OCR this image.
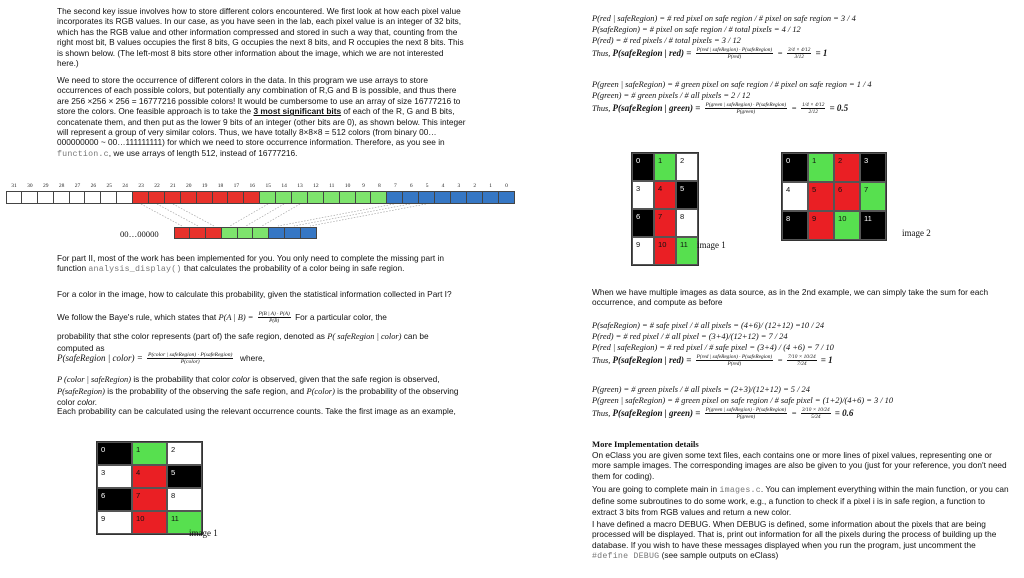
The second key issue involves how to store different colors encountered. We first look at how each pixel value incorporates its RGB values. In our case, as you have seen in the lab, each pixel value is an integer of 32 bits, which has the RGB value and other information compressed and stored in such a way that, counting from the right most bit, B values occupies the first 8 bits, G occupies the next 8 bits, and R occupies the next 8 bits. This is shown below. (The left-most 8 bits store other information about the image, which we are not interested here.)
We need to store the occurrence of different colors in the data. In this program we use arrays to store occurrences of each possible colors, but potentially any combination of R,G and B is possible, and thus there are 256 ×256 × 256 = 16777216 possible colors! It would be cumbersome to use an array of size 16777216 to store the colors. One feasible approach is to take the 3 most significant bits of each of the R, G and B bits, concatenate them, and then put as the lower 9 bits of an integer (other bits are 0), as shown below. This integer will represent a group of very similar colors. Thus, we have totally 8×8×8 = 512 colors (from binary 00…000000000 ~ 00…111111111) for which we need to store occurrence information. Therefore, as you see in function.c, we use arrays of length 512, instead of 16777216.
31	30	29	28	27	26	25	24	23	22	21	20	19	18	17	16	15	14	13	12	11	10	9	8	7	6	5	4	3	2	1	0
00…00000
For part II, most of the work has been implemented for you. You only need to complete the missing part in function analysis_display() that calculates the probability of a color being in safe region.
For a color in the image, how to calculate this probability, given the statistical information collected in Part I?
We follow the Baye's rule, which states that P(A | $B) = \frac{P(B | A) \cdot P(A)}{P(B)}$ For a particular color, the
probability that sthe color represents (part of) the safe region, denoted as P( safeRegion | color) can be computed as
P(safeRegion | color) = $\frac{\text{P(color | safeRegion) · P(safeRegion)}}{\text{P(color)}}$ where,
P (color | safeRegion) is the probability that color color is observed, given that the safe region is observed, P(safeRegion) is the probability of the observing the safe region, and P(color) is the probability of the observing color color.
Each probability can be calculated using the relevant occurrence counts. Take the first image as an example,
0	1	2
3	4	5
6	7	8
9	10	11
image 1
P(red | safeRegion) = # red pixel on safe region / # pixel on safe region = 3 / 4
P(safeRegion) = # pixel on safe region / # total pixels = 4 / 12
P(red) = # red pixels / # total pixels = 3 / 12
Thus, P(safeRegion | $red) = \frac{\text{P(red | safeRegion) · P(safeRegion)}}{\text{P(red)}} = \frac{3/4 \times 4/12}{3/12} = 1$
P(green | safeRegion) = # green pixel on safe region / # pixel on safe region = 1 / 4
P(green) = # green pixels / # all pixels = 2 / 12
Thus, P(safeRegion | green) = $\frac{\text{P(green | safeRegion) · P(safeRegion)}}{\text{P(green)}} = \frac{1/4 \times 4/12}{2/12} = 0.5$
0	1	2
3	4	5
6	7	8
9	10	11	image 1
0	1	2	3
4	5	6	7
8	9	10	11
image 2
When we have multiple images as data source, as in the 2nd example, we can simply take the sum for each occurrence, and compute as before
P(safeRegion) = # safe pixel / # all pixels = (4+6)/ (12+12) =10 / 24
P(red) = # red pixel / # all pixel = (3+4)/(12+12) = 7 / 24
P(red | safeRegion) = # red pixel / # safe pixel = (3+4) / (4 +6) = 7 / 10
Thus, P(safeRegion | $red) = \frac{\text{P(red | safeRegion) · P(safeRegion)}}{\text{P(red)}} = \frac{7/10 \times 10/24}{7/24} = 1$
P(green) = # green pixels / # all pixels = (2+3)/(12+12) = 5 / 24
P(green | safeRegion) = # green pixel on safe region / # safe pixel = (1+2)/(4+6) = 3 / 10
Thus, P(safeRegion | green) = $\frac{\text{P(green | safeRegion) · P(safeRegion)}}{\text{P(green)}} = \frac{3/10 \times 10/24}{5/24} = 0.6$
More Implementation details
On eClass you are given some text files, each contains one or more lines of pixel values, representing one or more sample images. The corresponding images are also be given to you (just for your reference, you don't need them for coding).
You are going to complete main in images.c. You can implement everything within the main function, or you can define some subroutines to do some work, e.g., a function to check if a pixel i is in safe region, a function to extract 3 bits from RGB values and return a new color.
I have defined a macro DEBUG. When DEBUG is defined, some information about the pixels that are being processed will be displayed. That is, print out information for all the pixels during the process of building up the database. If you wish to have these messages displayed when you run the program, just uncomment the #define DEBUG (see sample outputs on eClass)
